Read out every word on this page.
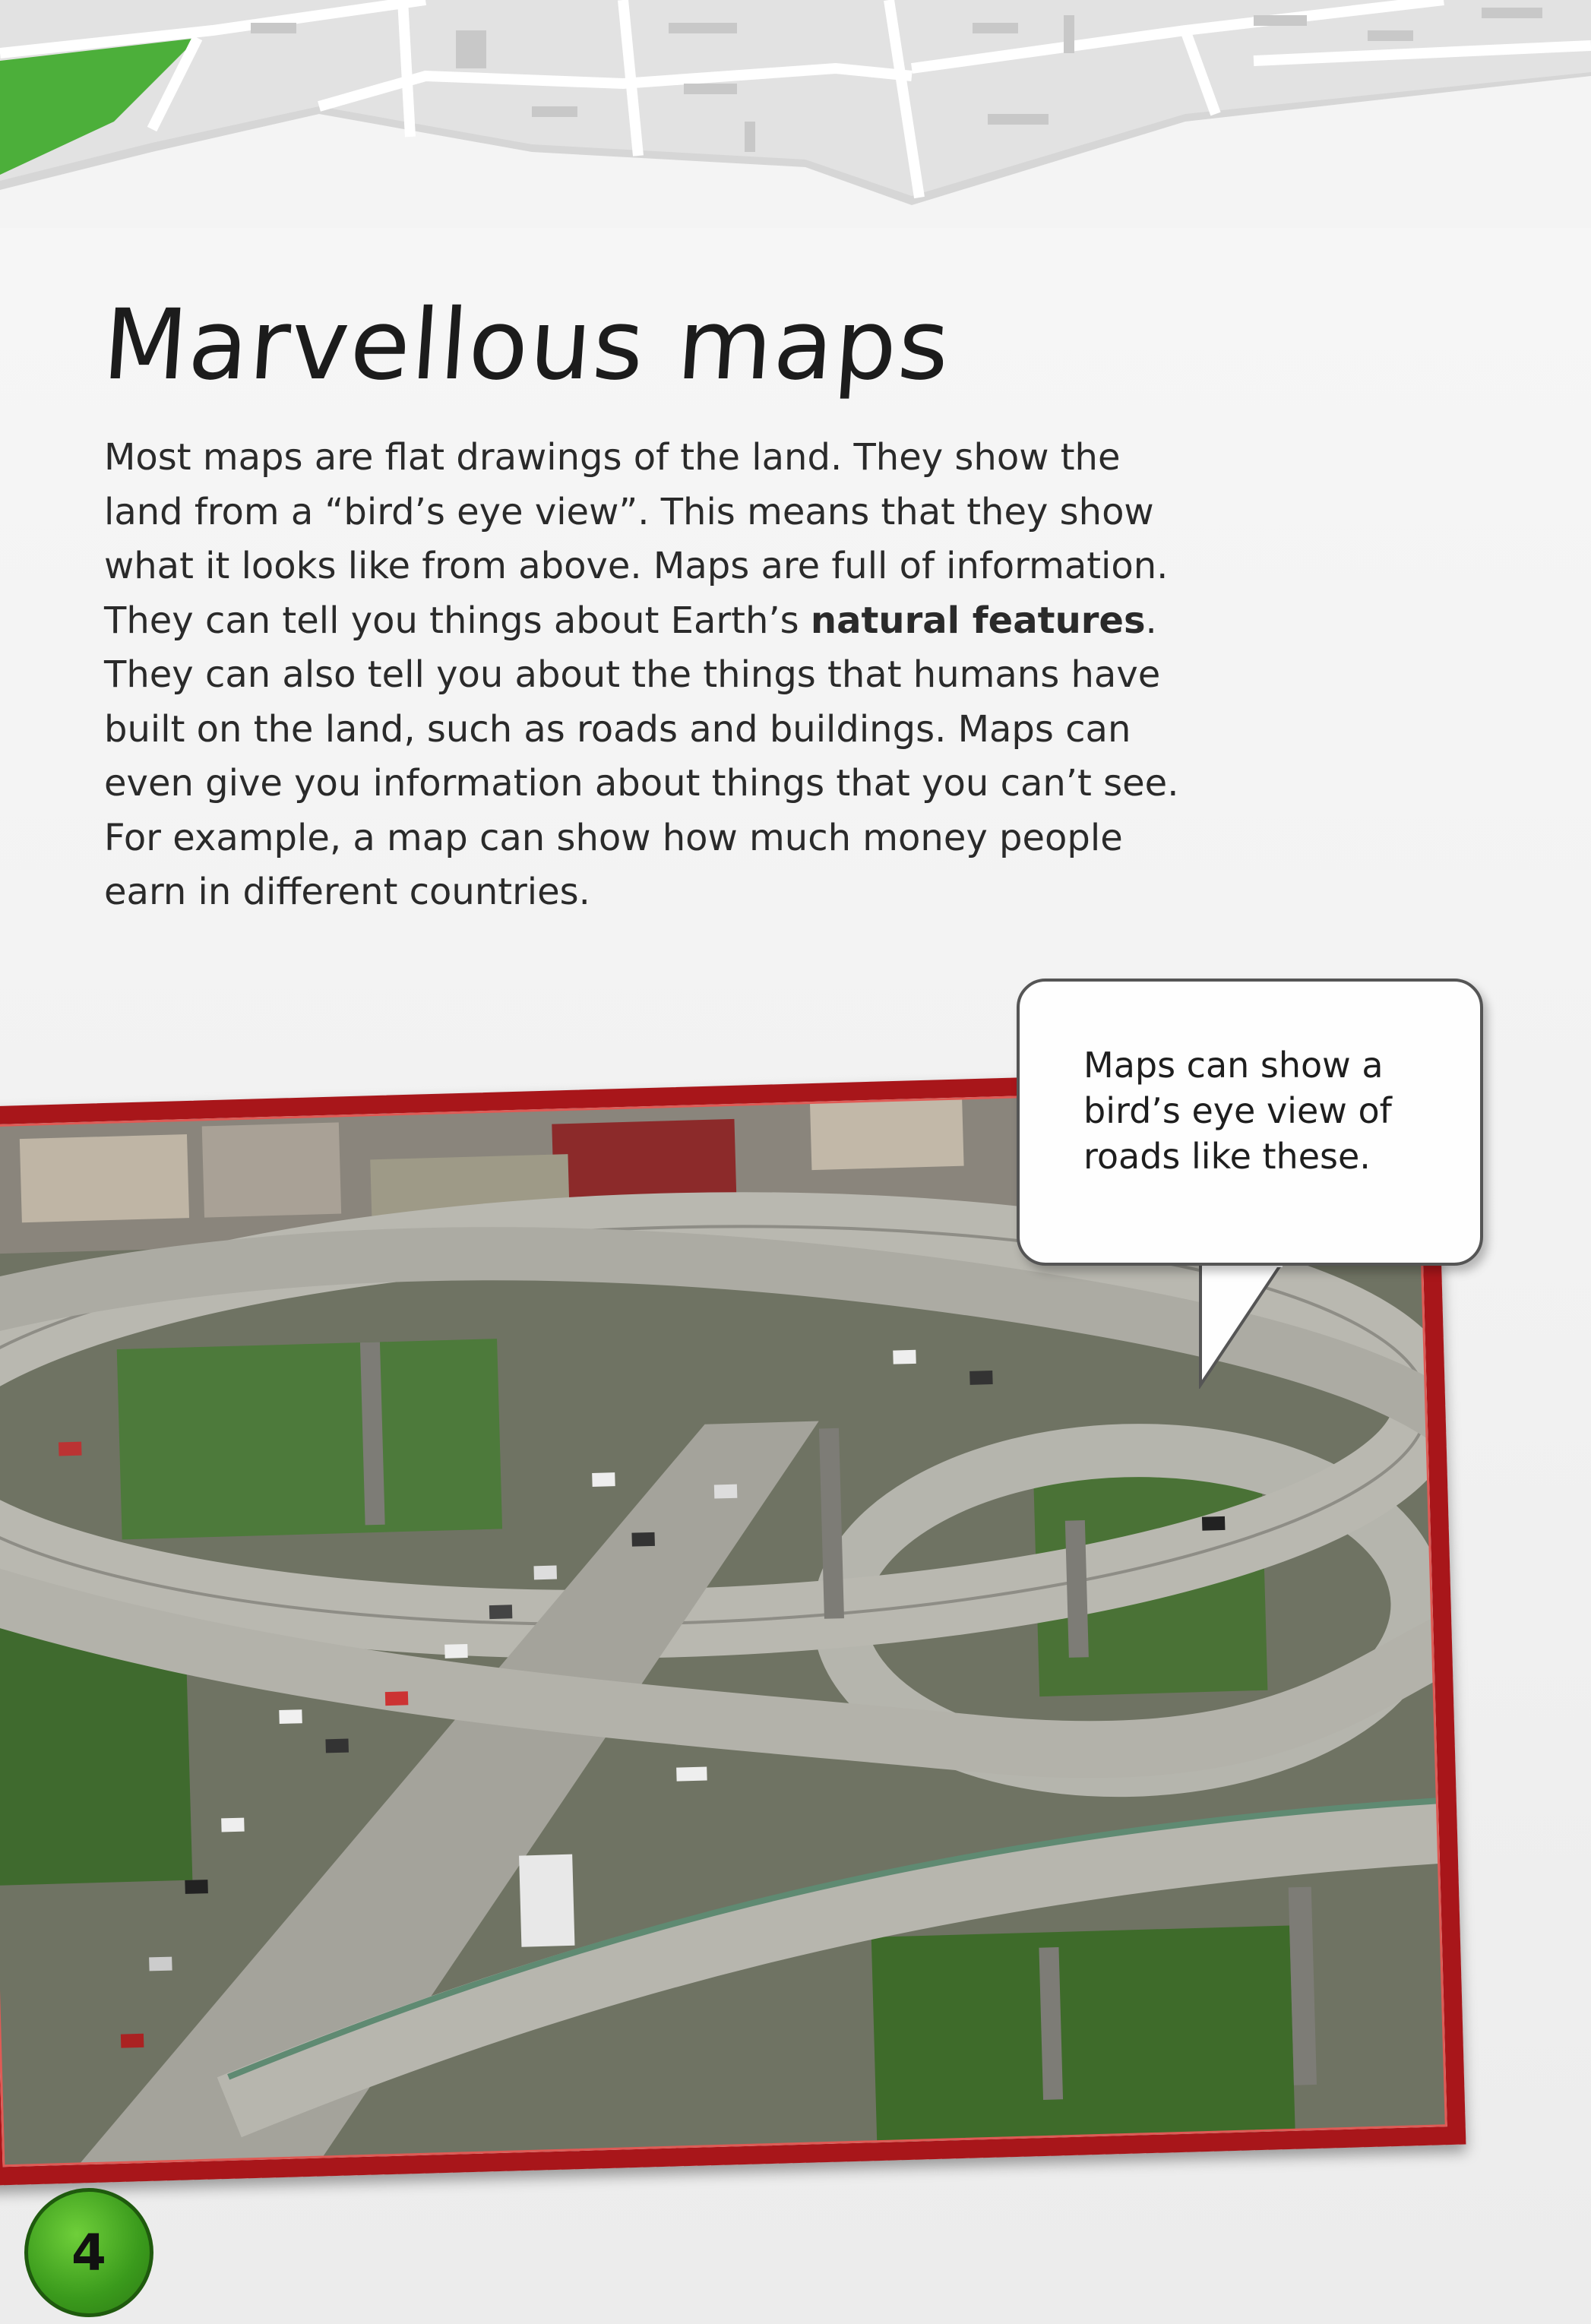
Marvellous maps

Most maps are flat drawings of the land. They show the land from a “bird’s eye view”. This means that they show what it looks like from above. Maps are full of information. They can tell you things about Earth’s natural features. They can also tell you about the things that humans have built on the land, such as roads and buildings. Maps can even give you information about things that you can’t see. For example, a map can show how much money people earn in different countries.

Maps can show a bird’s eye view of roads like these.
4
